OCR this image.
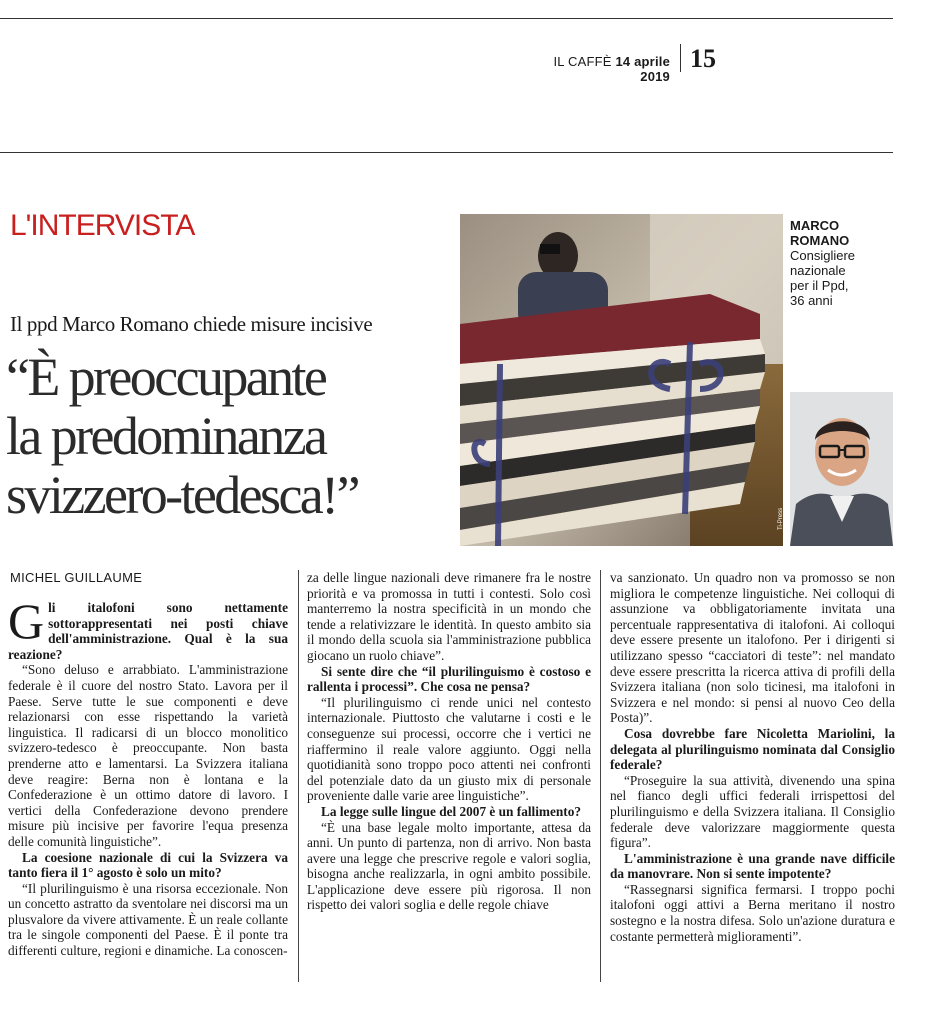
IL CAFFÈ 14 aprile 2019
15
L'INTERVISTA
Il ppd Marco Romano chiede misure incisive
“È preoccupante
la predominanza
svizzero-tedesca!”
MICHEL GUILLAUME
Ti-Press
MARCO
ROMANO
Consigliere
nazionale
per il Ppd,
36 anni

Gli italofoni sono nettamente sottorappresentati nei posti chiave dell'amministrazione. Qual è la sua reazione?

“Sono deluso e arrabbiato. L'amministrazione federale è il cuore del nostro Stato. Lavora per il Paese. Serve tutte le sue componenti e deve relazionarsi con esse rispettando la varietà linguistica. Il radicarsi di un blocco monolitico svizzero-tedesco è preoccupante. Non basta prenderne atto e lamentarsi. La Svizzera italiana deve reagire: Berna non è lontana e la Confederazione è un ottimo datore di lavoro. I vertici della Confederazione devono prendere misure più incisive per favorire l'equa presenza delle comunità linguistiche”.

La coesione nazionale di cui la Svizzera va tanto fiera il 1° agosto è solo un mito?

“Il plurilinguismo è una risorsa eccezionale. Non un concetto astratto da sventolare nei discorsi ma un plusvalore da vivere attivamente. È un reale collante tra le singole componenti del Paese. È il ponte tra differenti culture, regioni e dinamiche. La conoscen-

za delle lingue nazionali deve rimanere fra le nostre priorità e va promossa in tutti i contesti. Solo così manterremo la nostra specificità in un mondo che tende a relativizzare le identità. In questo ambito sia il mondo della scuola sia l'amministrazione pubblica giocano un ruolo chiave”.

Si sente dire che “il plurilinguismo è costoso e rallenta i processi”. Che cosa ne pensa?

“Il plurilinguismo ci rende unici nel contesto internazionale. Piuttosto che valutarne i costi e le conseguenze sui processi, occorre che i vertici ne riaffermino il reale valore aggiunto. Oggi nella quotidianità sono troppo poco attenti nei confronti del potenziale dato da un giusto mix di personale proveniente dalle varie aree linguistiche”.

La legge sulle lingue del 2007 è un fallimento?

“È una base legale molto importante, attesa da anni. Un punto di partenza, non di arrivo. Non basta avere una legge che prescrive regole e valori soglia, bisogna anche realizzarla, in ogni ambito possibile. L'applicazione deve essere più rigorosa. Il non rispetto dei valori soglia e delle regole chiave

va sanzionato. Un quadro non va promosso se non migliora le competenze linguistiche. Nei colloqui di assunzione va obbligatoriamente invitata una percentuale rappresentativa di italofoni. Ai colloqui deve essere presente un italofono. Per i dirigenti si utilizzano spesso “cacciatori di teste”: nel mandato deve essere prescritta la ricerca attiva di profili della Svizzera italiana (non solo ticinesi, ma italofoni in Svizzera e nel mondo: si pensi al nuovo Ceo della Posta)”.

Cosa dovrebbe fare Nicoletta Mariolini, la delegata al plurilinguismo nominata dal Consiglio federale?

“Proseguire la sua attività, divenendo una spina nel fianco degli uffici federali irrispettosi del plurilinguismo e della Svizzera italiana. Il Consiglio federale deve valorizzare maggiormente questa figura”.

L'amministrazione è una grande nave difficile da manovrare. Non si sente impotente?

“Rassegnarsi significa fermarsi. I troppo pochi italofoni oggi attivi a Berna meritano il nostro sostegno e la nostra difesa. Solo un'azione duratura e costante permetterà miglioramenti”.
